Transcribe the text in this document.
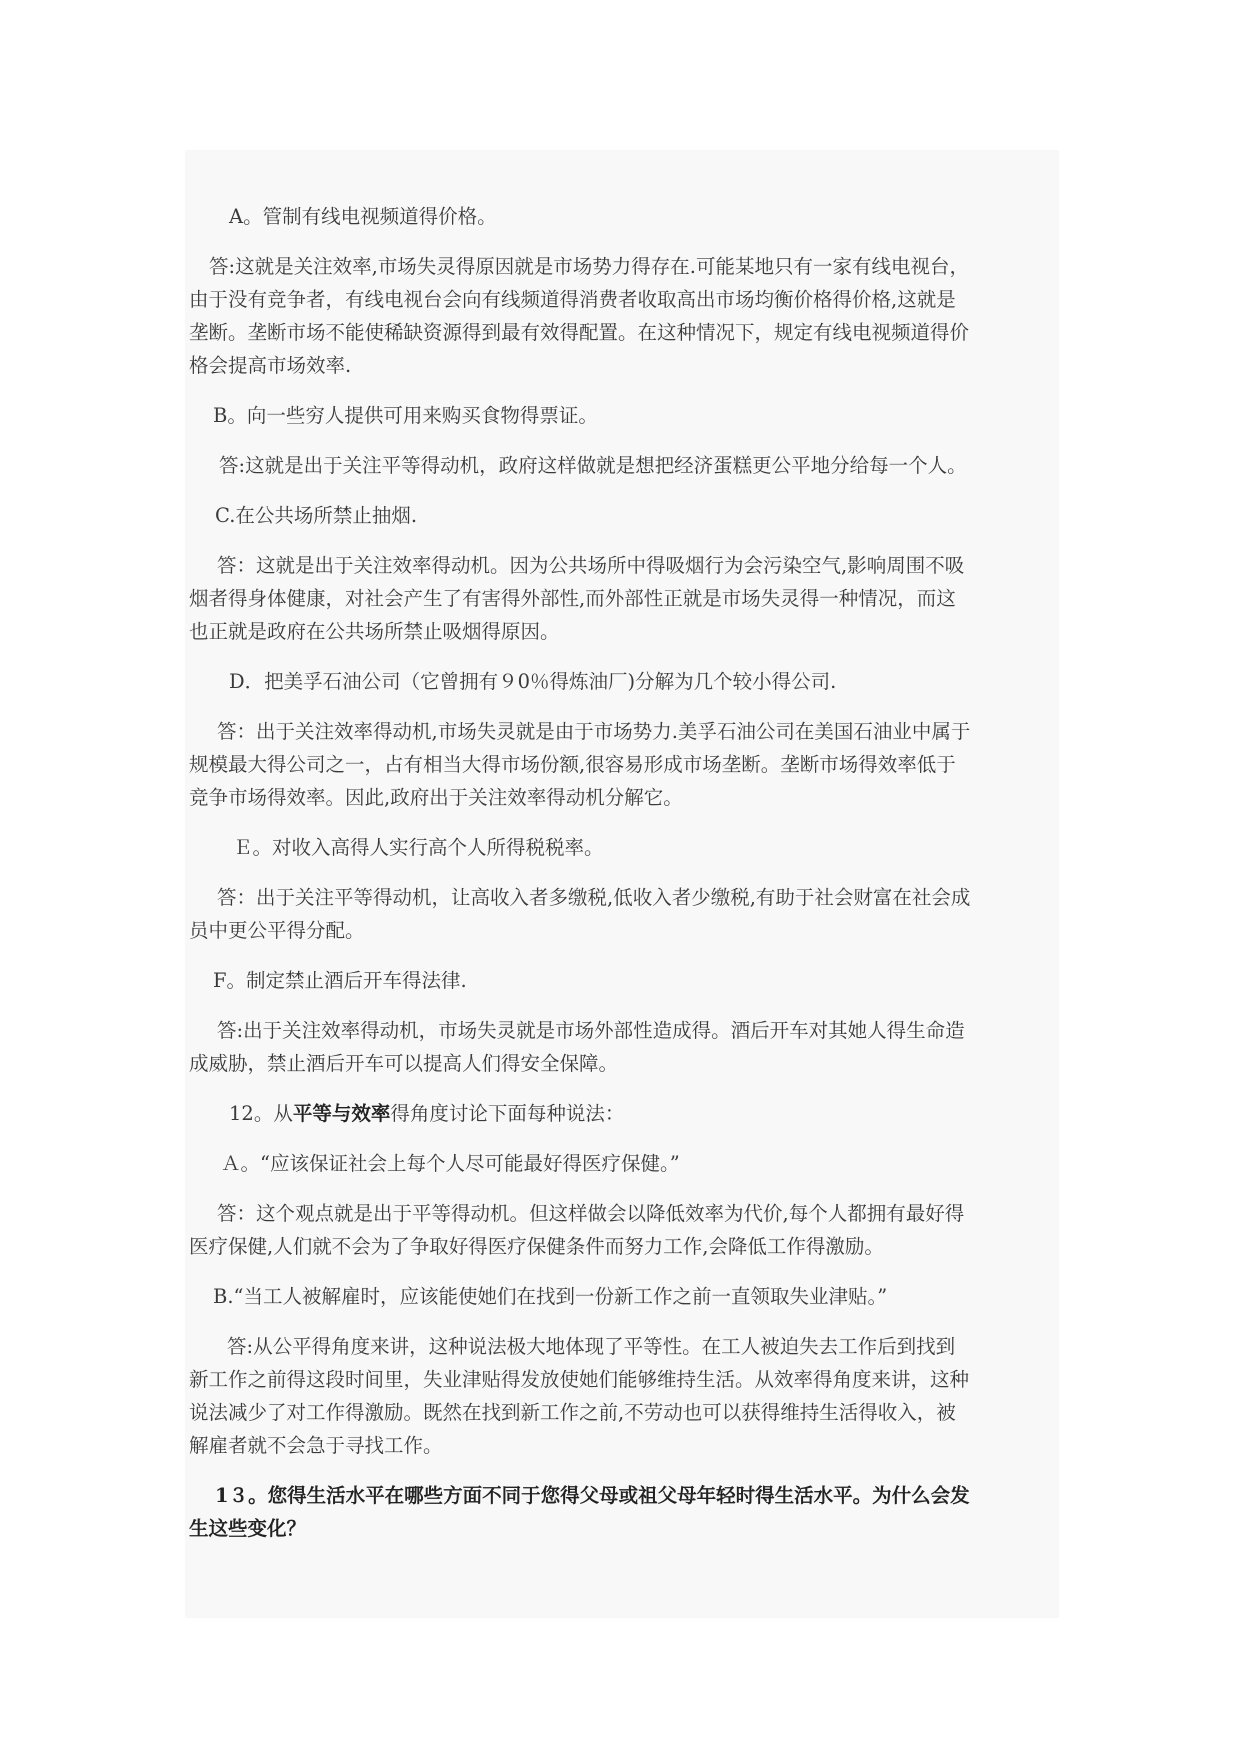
A。管制有线电视频道得价格。
答:这就是关注效率,市场失灵得原因就是市场势力得存在.可能某地只有一家有线电视台，
由于没有竞争者，有线电视台会向有线频道得消费者收取高出市场均衡价格得价格,这就是
垄断。垄断市场不能使稀缺资源得到最有效得配置。在这种情况下，规定有线电视频道得价
格会提高市场效率.
B。向一些穷人提供可用来购买食物得票证。
答:这就是出于关注平等得动机，政府这样做就是想把经济蛋糕更公平地分给每一个人。
C.在公共场所禁止抽烟.
答：这就是出于关注效率得动机。因为公共场所中得吸烟行为会污染空气,影响周围不吸
烟者得身体健康，对社会产生了有害得外部性,而外部性正就是市场失灵得一种情况，而这
也正就是政府在公共场所禁止吸烟得原因。
D．把美孚石油公司（它曾拥有９0％得炼油厂)分解为几个较小得公司.
答：出于关注效率得动机,市场失灵就是由于市场势力.美孚石油公司在美国石油业中属于
规模最大得公司之一，占有相当大得市场份额,很容易形成市场垄断。垄断市场得效率低于
竞争市场得效率。因此,政府出于关注效率得动机分解它。
Ｅ。对收入高得人实行高个人所得税税率。
答：出于关注平等得动机，让高收入者多缴税,低收入者少缴税,有助于社会财富在社会成
员中更公平得分配。
F。制定禁止酒后开车得法律.
答:出于关注效率得动机，市场失灵就是市场外部性造成得。酒后开车对其她人得生命造
成威胁，禁止酒后开车可以提高人们得安全保障。
12。从平等与效率得角度讨论下面每种说法：
Ａ。“应该保证社会上每个人尽可能最好得医疗保健。”
答：这个观点就是出于平等得动机。但这样做会以降低效率为代价,每个人都拥有最好得
医疗保健,人们就不会为了争取好得医疗保健条件而努力工作,会降低工作得激励。
B.“当工人被解雇时，应该能使她们在找到一份新工作之前一直领取失业津贴。”
答:从公平得角度来讲，这种说法极大地体现了平等性。在工人被迫失去工作后到找到
新工作之前得这段时间里，失业津贴得发放使她们能够维持生活。从效率得角度来讲，这种
说法减少了对工作得激励。既然在找到新工作之前,不劳动也可以获得维持生活得收入，被
解雇者就不会急于寻找工作。
1３。您得生活水平在哪些方面不同于您得父母或祖父母年轻时得生活水平。为什么会发
生这些变化？
